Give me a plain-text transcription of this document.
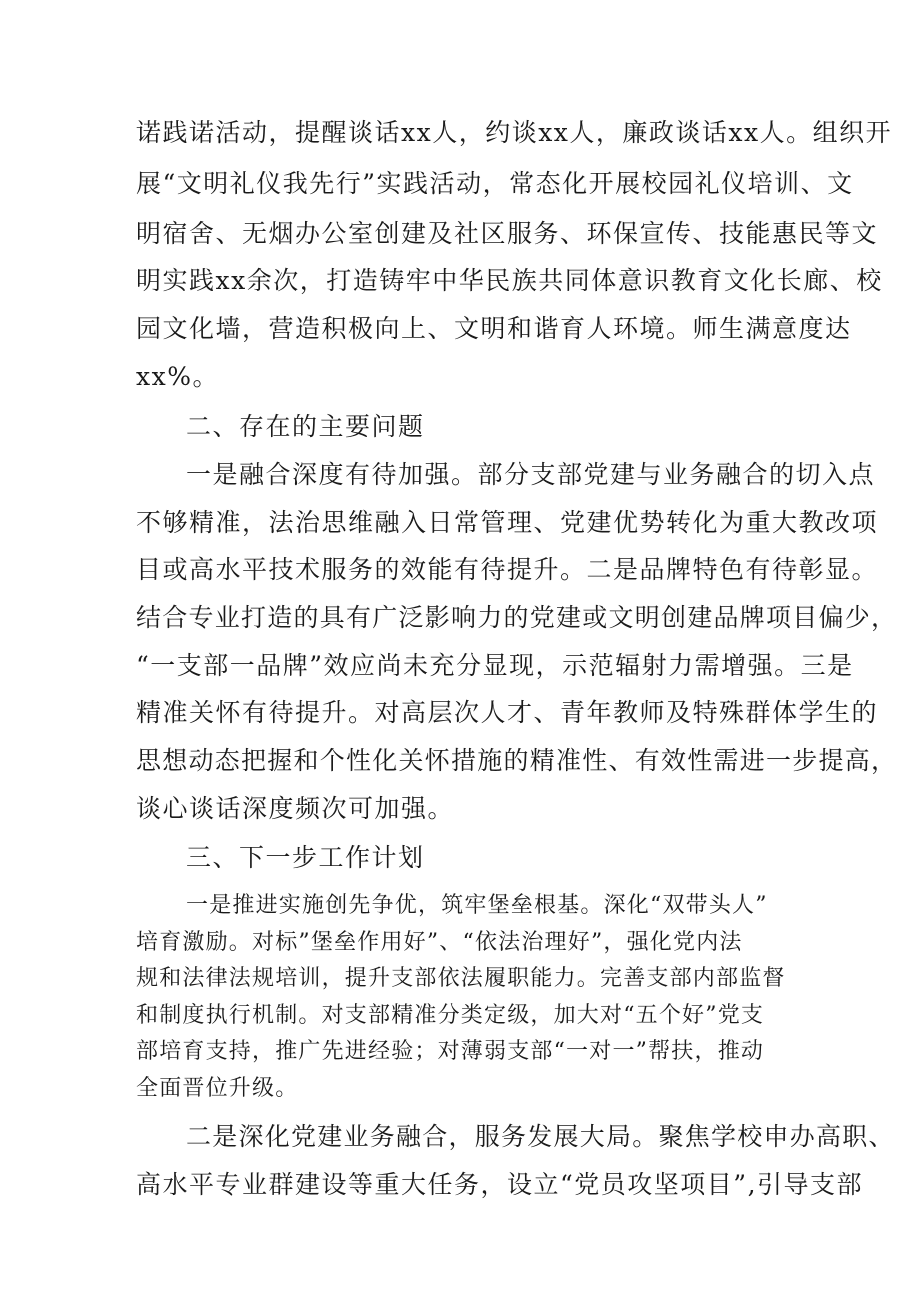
诺践诺活动，提醒谈话xx人，约谈xx人，廉政谈话xx人。组织开
展“文明礼仪我先行”实践活动，常态化开展校园礼仪培训、文
明宿舍、无烟办公室创建及社区服务、环保宣传、技能惠民等文
明实践xx余次，打造铸牢中华民族共同体意识教育文化长廊、校
园文化墙，营造积极向上、文明和谐育人环境。师生满意度达
xx%。
二、存在的主要问题
一是融合深度有待加强。部分支部党建与业务融合的切入点
不够精准，法治思维融入日常管理、党建优势转化为重大教改项
目或高水平技术服务的效能有待提升。二是品牌特色有待彰显。
结合专业打造的具有广泛影响力的党建或文明创建品牌项目偏少，
“一支部一品牌”效应尚未充分显现，示范辐射力需增强。三是
精准关怀有待提升。对高层次人才、青年教师及特殊群体学生的
思想动态把握和个性化关怀措施的精准性、有效性需进一步提高，
谈心谈话深度频次可加强。
三、下一步工作计划
一是推进实施创先争优，筑牢堡垒根基。深化“双带头人”
培育激励。对标”堡垒作用好”、“依法治理好”，强化党内法
规和法律法规培训，提升支部依法履职能力。完善支部内部监督
和制度执行机制。对支部精准分类定级，加大对“五个好”党支
部培育支持，推广先进经验；对薄弱支部“一对一”帮扶，推动
全面晋位升级。
二是深化党建业务融合，服务发展大局。聚焦学校申办高职、
高水平专业群建设等重大任务，设立“党员攻坚项目”,引导支部
